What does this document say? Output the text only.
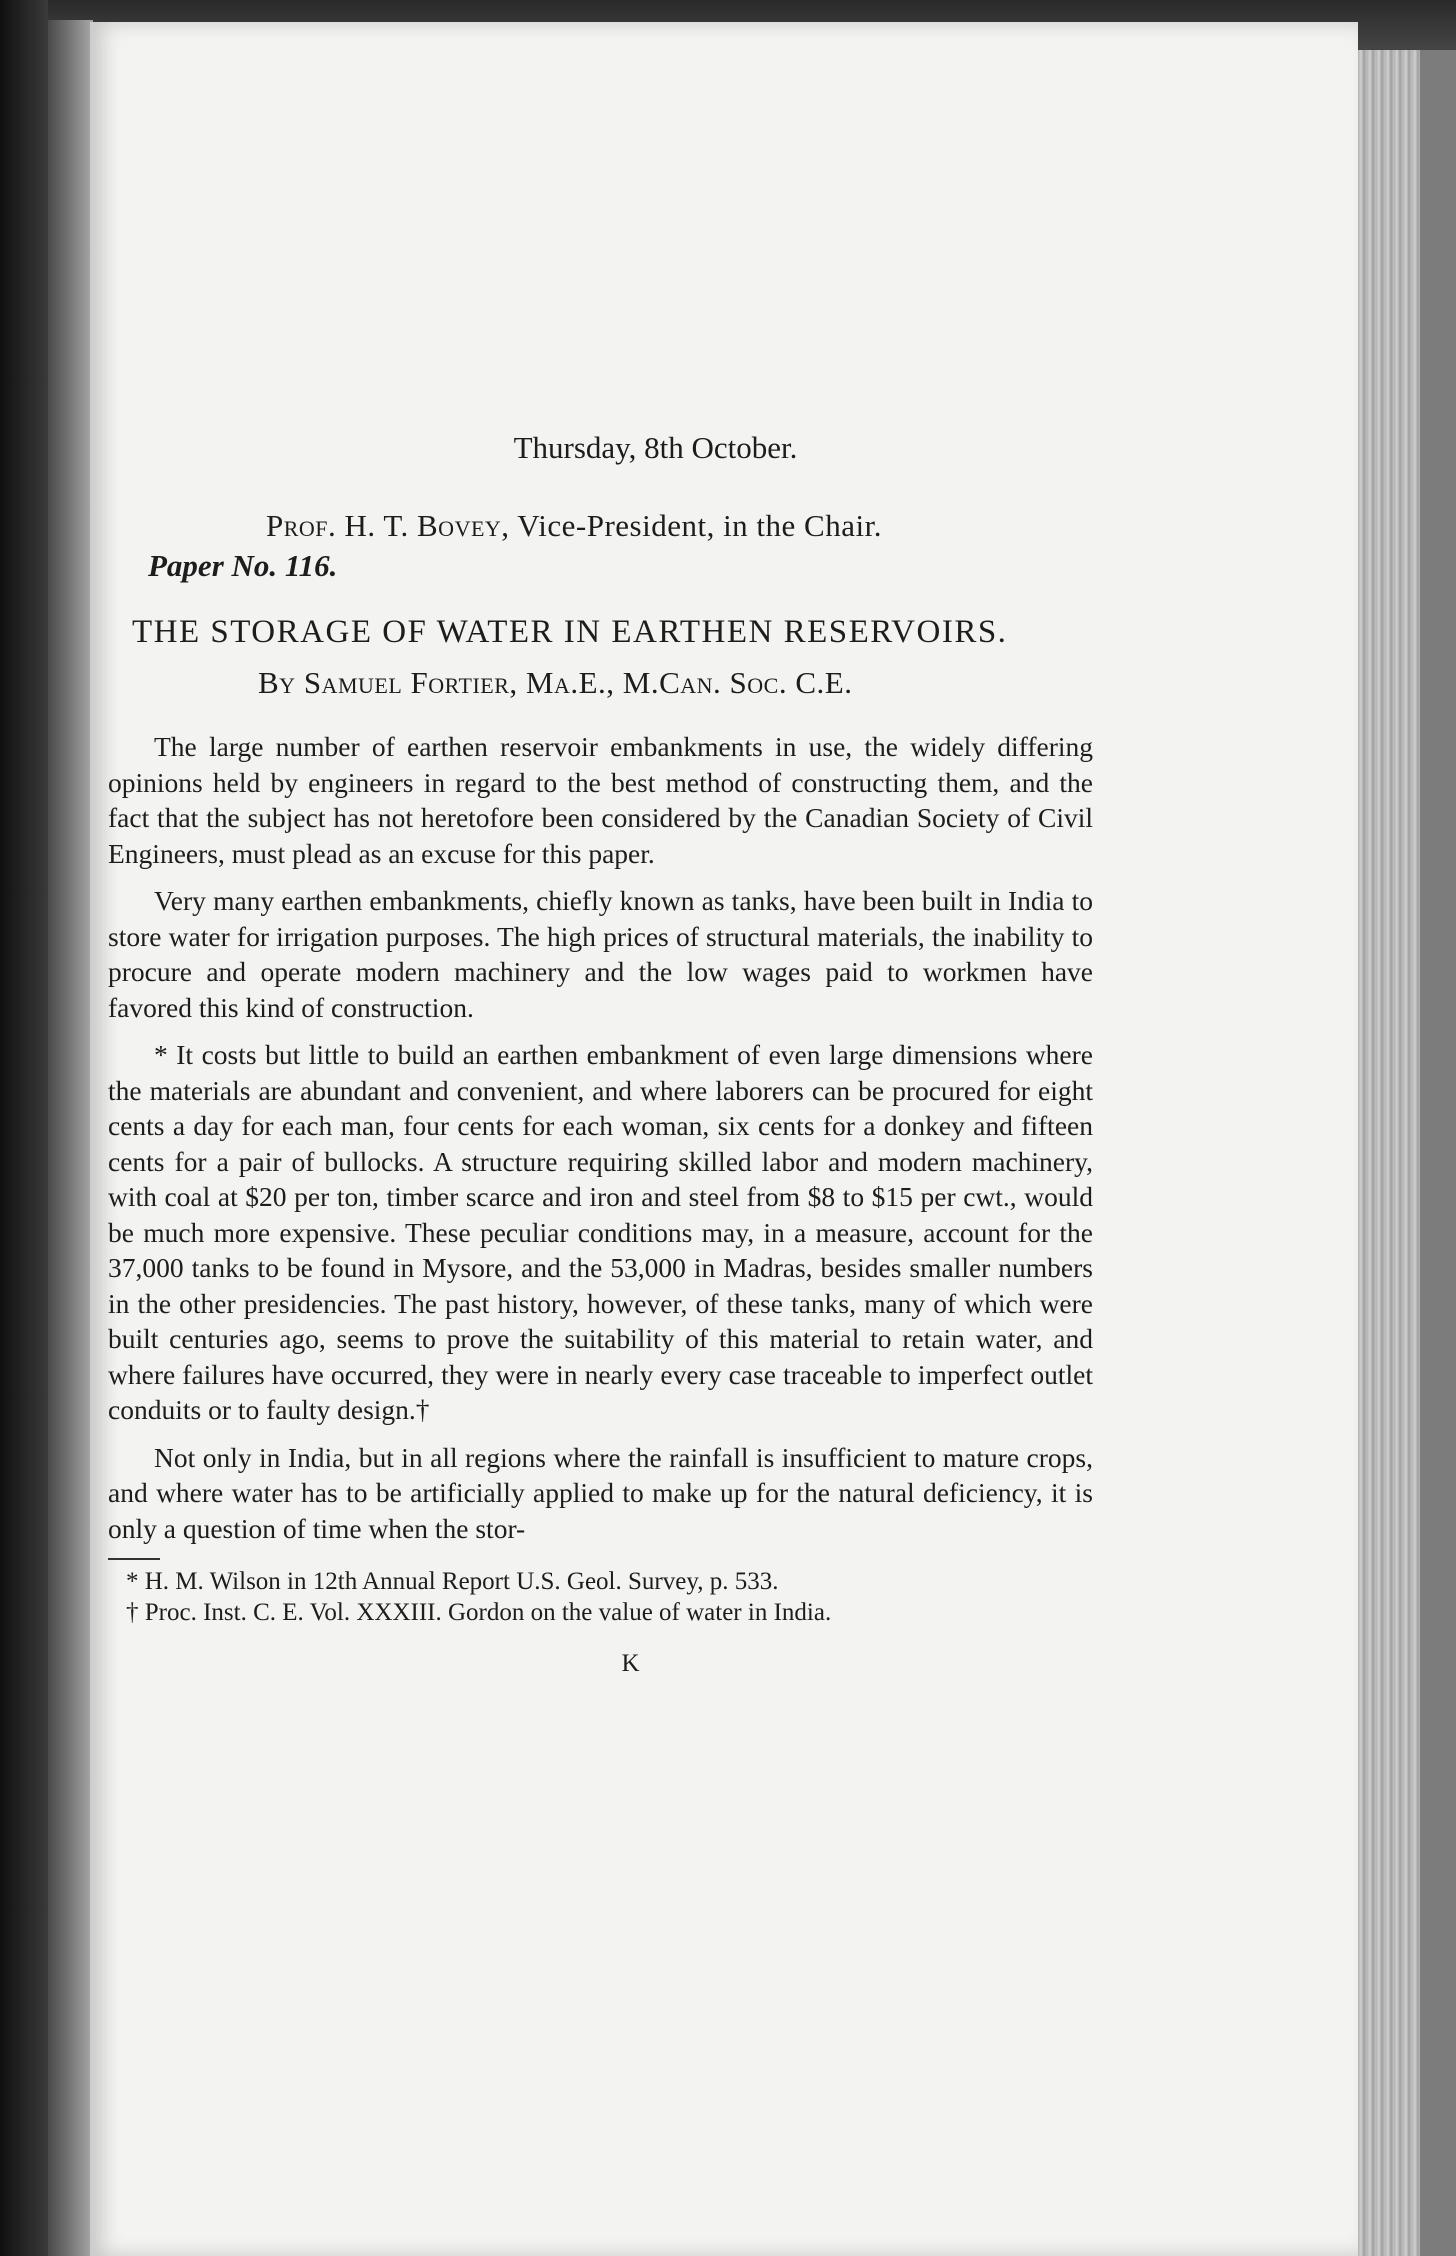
Thursday, 8th October.
Prof. H. T. Bovey, Vice-President, in the Chair.
Paper No. 116.
THE STORAGE OF WATER IN EARTHEN RESERVOIRS.
By Samuel Fortier, Ma.E., M.Can. Soc. C.E.

The large number of earthen reservoir embankments in use, the widely differing opinions held by engineers in regard to the best method of constructing them, and the fact that the subject has not heretofore been considered by the Canadian Society of Civil Engineers, must plead as an excuse for this paper.

Very many earthen embankments, chiefly known as tanks, have been built in India to store water for irrigation purposes. The high prices of structural materials, the inability to procure and operate modern machinery and the low wages paid to workmen have favored this kind of construction.

* It costs but little to build an earthen embankment of even large dimensions where the materials are abundant and convenient, and where laborers can be procured for eight cents a day for each man, four cents for each woman, six cents for a donkey and fifteen cents for a pair of bullocks. A structure requiring skilled labor and modern machinery, with coal at $20 per ton, timber scarce and iron and steel from $8 to $15 per cwt., would be much more expensive. These peculiar conditions may, in a measure, account for the 37,000 tanks to be found in Mysore, and the 53,000 in Madras, besides smaller numbers in the other presidencies. The past history, however, of these tanks, many of which were built centuries ago, seems to prove the suitability of this material to retain water, and where failures have occurred, they were in nearly every case traceable to imperfect outlet conduits or to faulty design.†

Not only in India, but in all regions where the rainfall is insufficient to mature crops, and where water has to be artificially applied to make up for the natural deficiency, it is only a question of time when the stor-

* H. M. Wilson in 12th Annual Report U.S. Geol. Survey, p. 533.
† Proc. Inst. C. E. Vol. XXXIII. Gordon on the value of water in India.
K
